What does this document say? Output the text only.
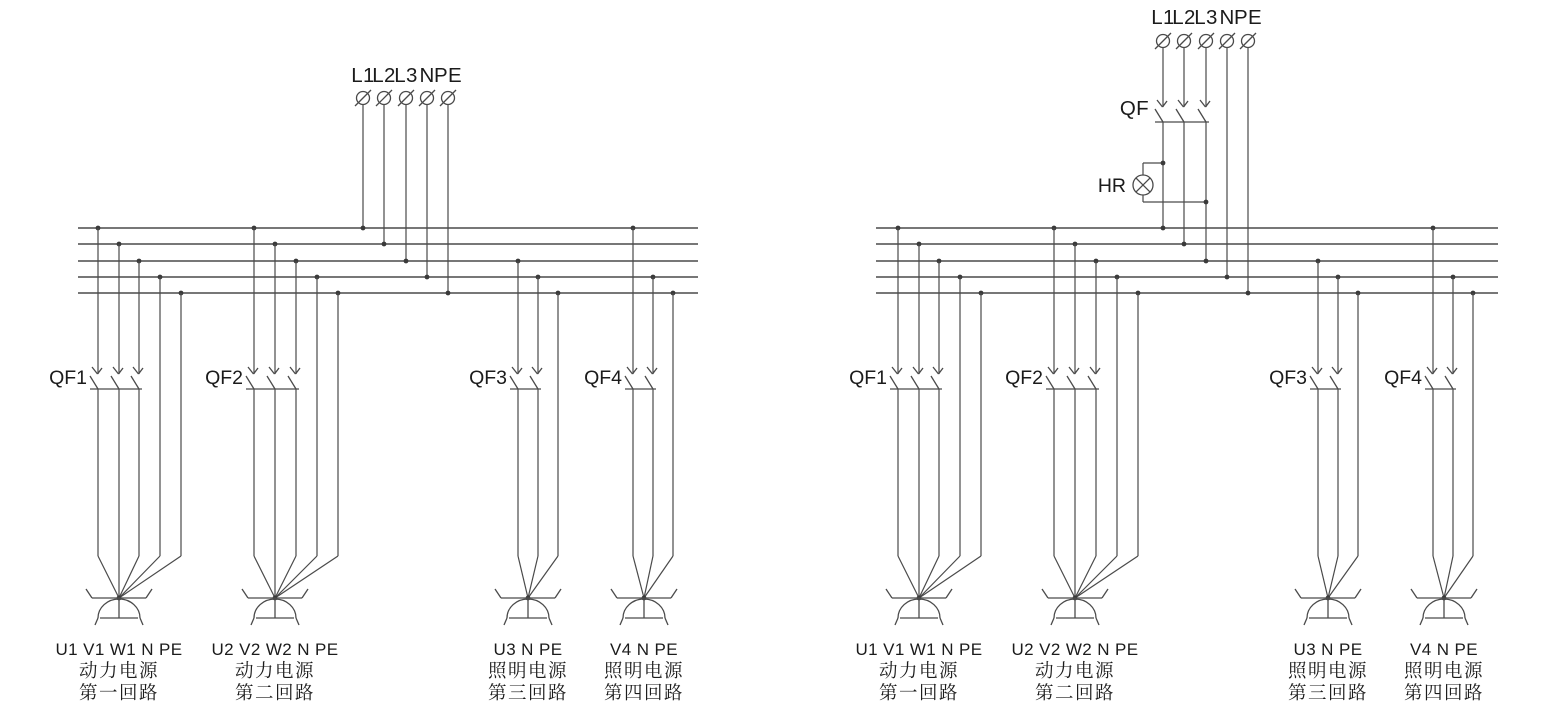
L1
L2
L3 N PE
QF1
U1 V1 W1 N PE
动力电源
第一回路
QF2
U2 V2 W2 N PE
动力电源
第二回路
QF3
U3 N PE
照明电源
第三回路
QF4
V4 N PE
照明电源
第四回路
L1
L2
L3 N PE
QF
HR
QF1
U1 V1 W1 N PE
动力电源
第一回路
QF2
U2 V2 W2 N PE
动力电源
第二回路
QF3
U3 N PE
照明电源
第三回路
QF4
V4 N PE
照明电源
第四回路
